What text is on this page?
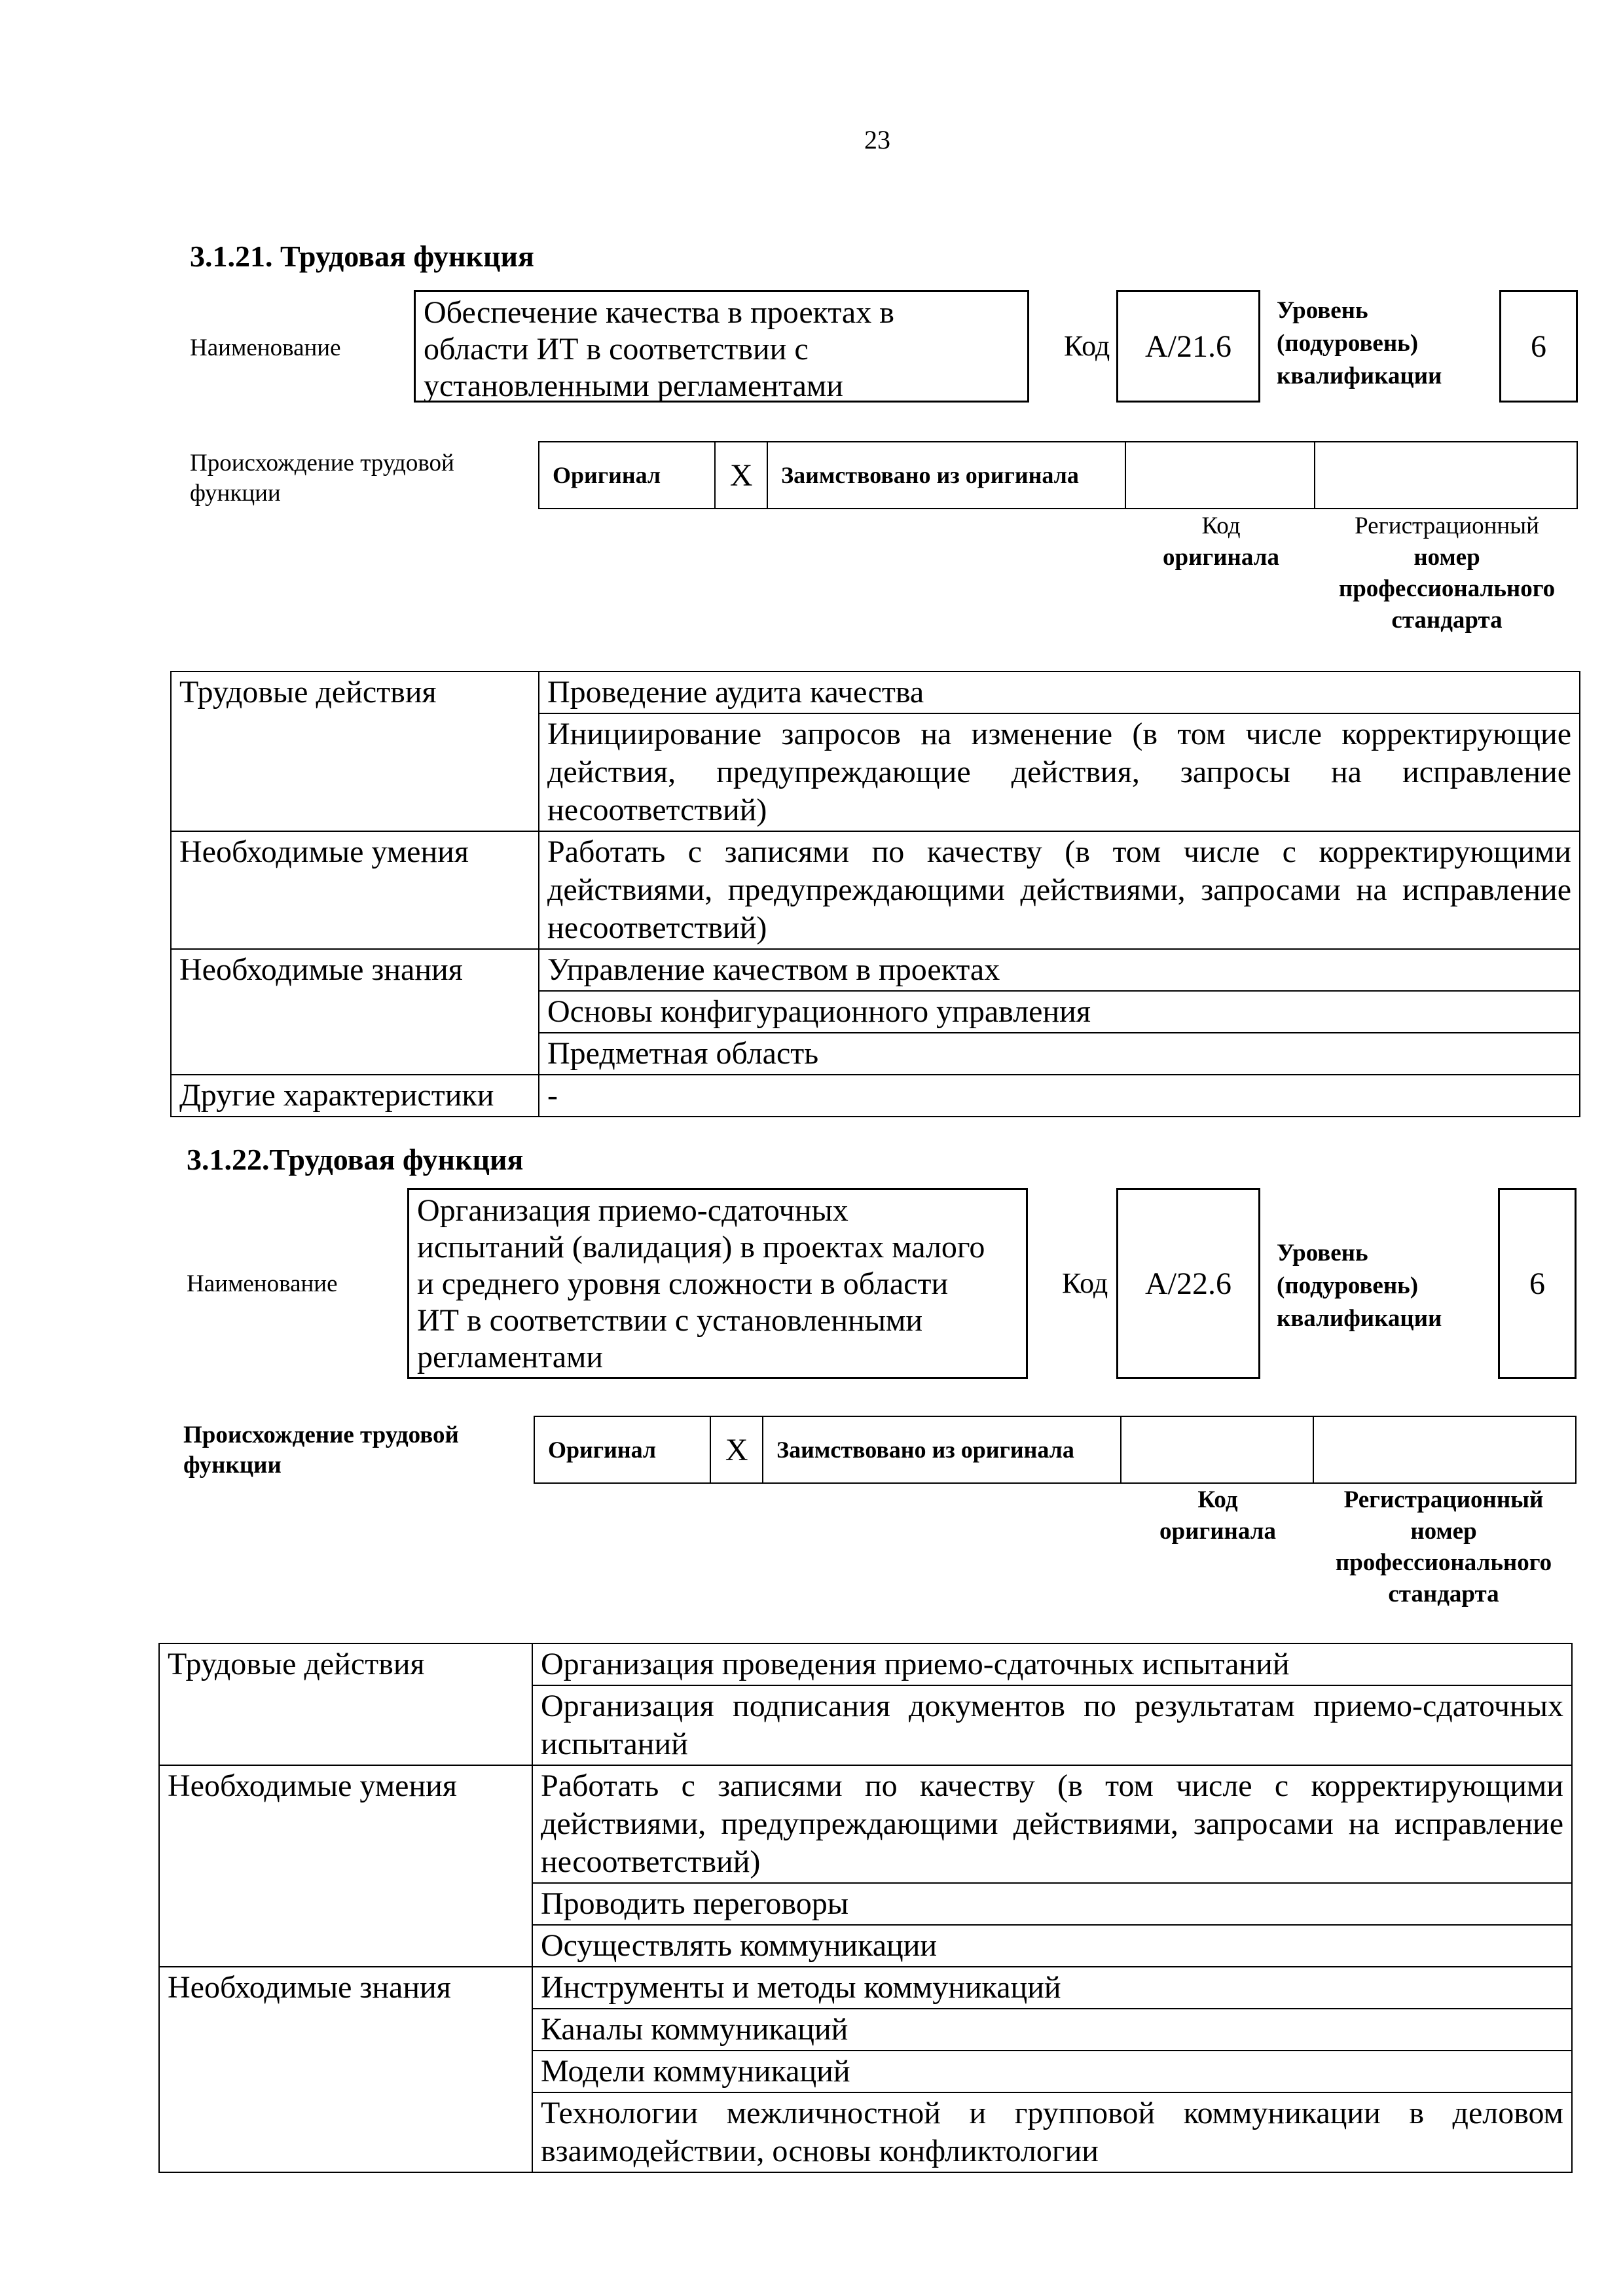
23
3.1.21. Трудовая функция
Наименование
Обеспечение качества в проектах в
области ИТ в соответствии с
установленными регламентами
Код A/21.6
Уровень
(подуровень)
квалификации
6
Происхождение трудовой
функции
Оригинал X	Заимствовано из оригинала
Код
оригинала
Регистрационный
номер
профессионального
стандарта
Трудовые действия	Проведение аудита качества
	Инициирование запросов на изменение (в том числе корректирующие действия, предупреждающие действия, запросы на исправление несоответствий)
Необходимые умения	Работать с записями по качеству (в том числе с корректирующими действиями, предупреждающими действиями, запросами на исправление несоответствий)
Необходимые знания	Управление качеством в проектах
	Основы конфигурационного управления
	Предметная область
Другие характеристики	-
3.1.22.Трудовая функция
Наименование
Организация приемо-сдаточных
испытаний (валидация) в проектах малого
и среднего уровня сложности в области
ИТ в соответствии с установленными
регламентами
Код A/22.6
Уровень
(подуровень)
квалификации
6
Происхождение трудовой
функции
Оригинал X	Заимствовано из оригинала
Код
оригинала
Регистрационный
номер
профессионального
стандарта
Трудовые действия	Организация проведения приемо-сдаточных испытаний
	Организация подписания документов по результатам приемо-сдаточных испытаний
Необходимые умения	Работать с записями по качеству (в том числе с корректирующими действиями, предупреждающими действиями, запросами на исправление несоответствий)
	Проводить переговоры
	Осуществлять коммуникации
Необходимые знания	Инструменты и методы коммуникаций
	Каналы коммуникаций
	Модели коммуникаций
	Технологии межличностной и групповой коммуникации в деловом взаимодействии, основы конфликтологии
